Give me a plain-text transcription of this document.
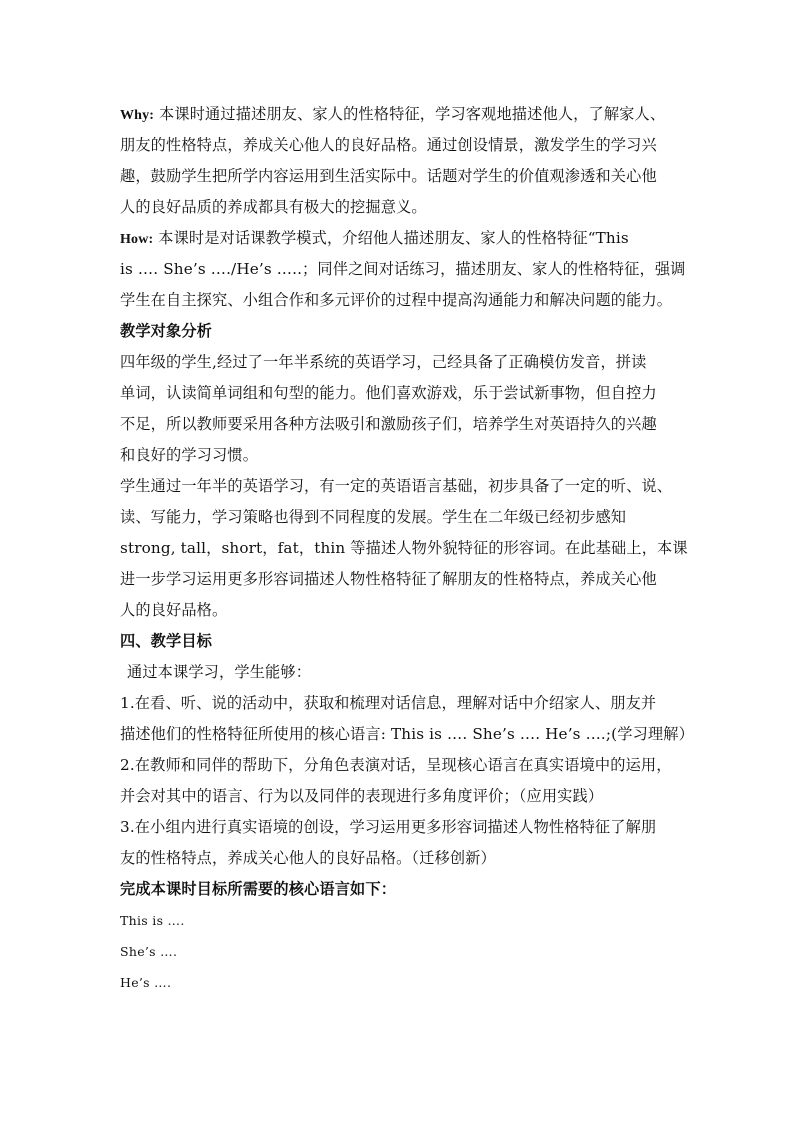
Why: 本课时通过描述朋友、家人的性格特征，学习客观地描述他人，了解家人、
朋友的性格特点，养成关心他人的良好品格。通过创设情景，激发学生的学习兴
趣，鼓励学生把所学内容运用到生活实际中。话题对学生的价值观渗透和关心他
人的良好品质的养成都具有极大的挖掘意义。
How: 本课时是对话课教学模式，介绍他人描述朋友、家人的性格特征“This
is …. She’s …./He’s …..；同伴之间对话练习，描述朋友、家人的性格特征，强调
学生在自主探究、小组合作和多元评价的过程中提高沟通能力和解决问题的能力。
教学对象分析
四年级的学生,经过了一年半系统的英语学习，己经具备了正确模仿发音，拼读
单词，认读简单词组和句型的能力。他们喜欢游戏，乐于尝试新事物，但自控力
不足，所以教师要采用各种方法吸引和激励孩子们，培养学生对英语持久的兴趣
和良好的学习习惯。
学生通过一年半的英语学习，有一定的英语语言基础，初步具备了一定的听、说、
读、写能力，学习策略也得到不同程度的发展。学生在二年级已经初步感知
strong, tall，short，fat，thin 等描述人物外貌特征的形容词。在此基础上，本课
进一步学习运用更多形容词描述人物性格特征了解朋友的性格特点，养成关心他
人的良好品格。
四、教学目标
通过本课学习，学生能够：
1.在看、听、说的活动中，获取和梳理对话信息，理解对话中介绍家人、朋友并
描述他们的性格特征所使用的核心语言: This is …. She’s …. He’s ….;(学习理解）
2.在教师和同伴的帮助下，分角色表演对话，呈现核心语言在真实语境中的运用，
并会对其中的语言、行为以及同伴的表现进行多角度评价；（应用实践）
3.在小组内进行真实语境的创设，学习运用更多形容词描述人物性格特征了解朋
友的性格特点，养成关心他人的良好品格。（迁移创新）
完成本课时目标所需要的核心语言如下：
This is ….
She’s ….
He’s ….
